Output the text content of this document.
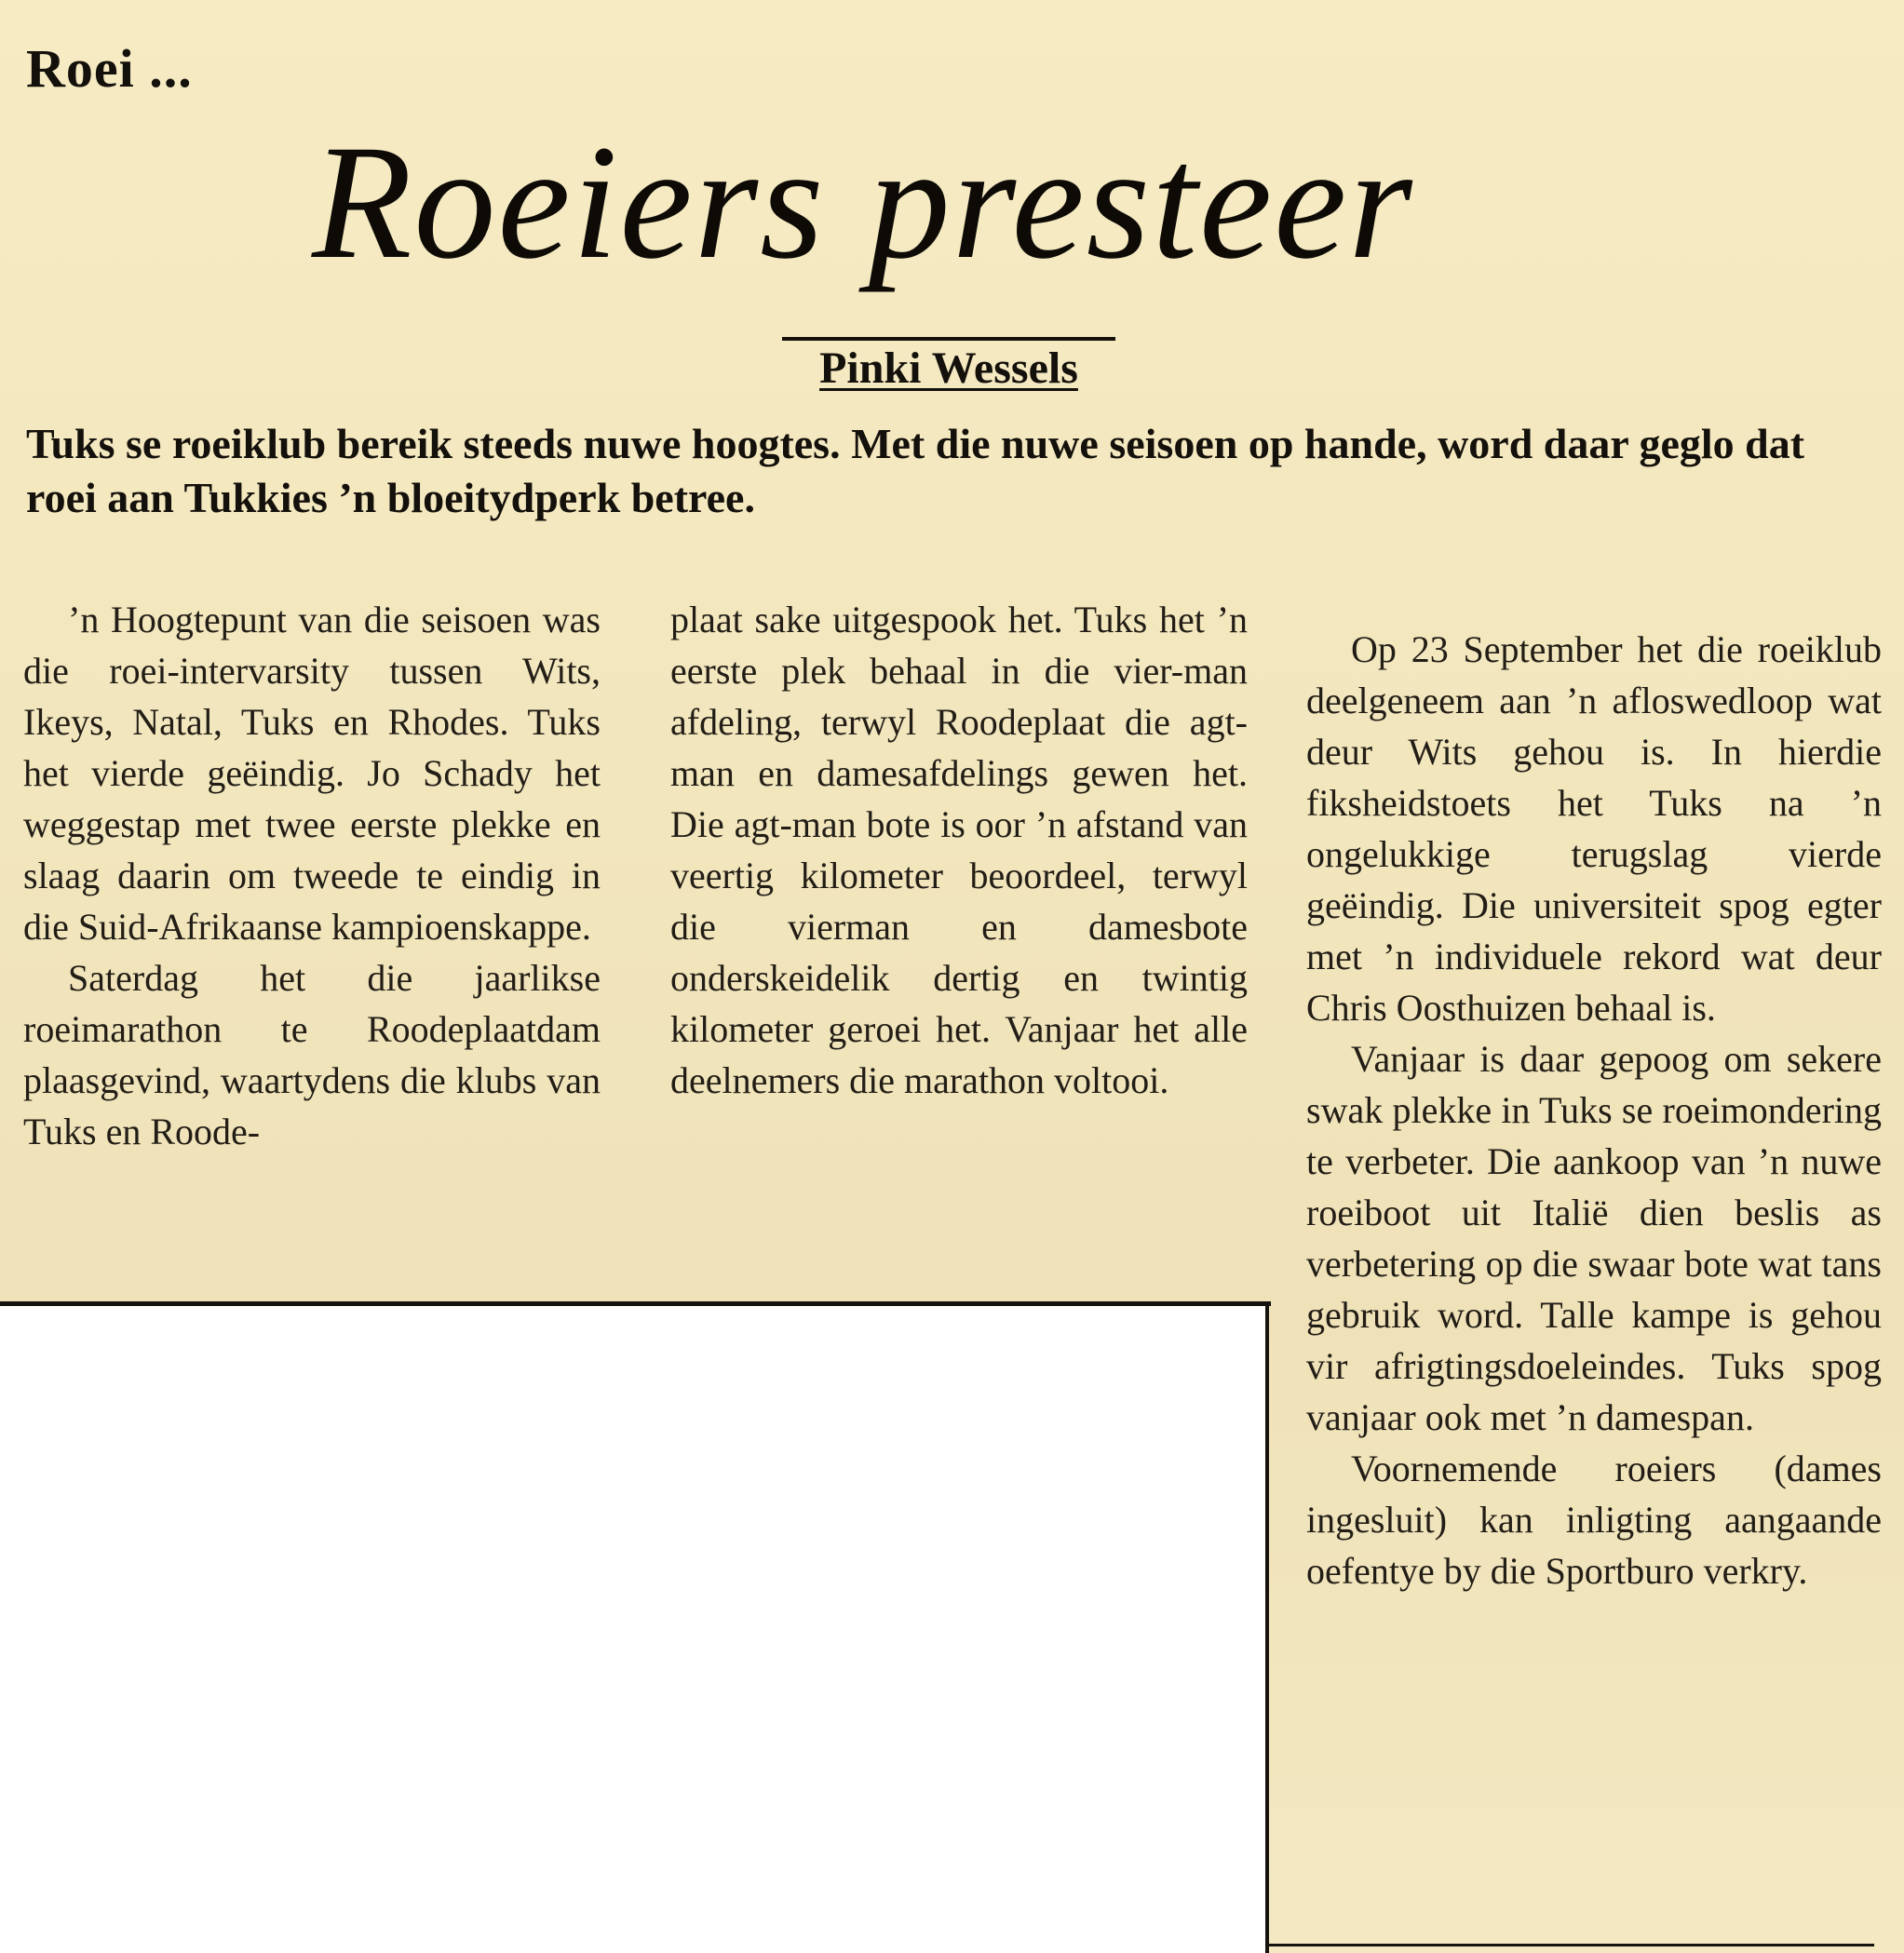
Roei ...
Roeiers presteer
Pinki Wessels
Tuks se roeiklub bereik steeds nuwe hoogtes. Met die nuwe seisoen op hande, word daar geglo dat roei aan Tukkies ’n bloeitydperk betree.

’n Hoogtepunt van die seisoen was die roei-intervarsity tussen Wits, Ikeys, Natal, Tuks en Rhodes. Tuks het vierde geëindig. Jo Schady het weggestap met twee eerste plekke en slaag daarin om tweede te eindig in die Suid-Afrikaanse kampioenskappe.

Saterdag het die jaarlikse roeimarathon te Roodeplaatdam plaasgevind, waartydens die klubs van Tuks en Roode-

plaat sake uitgespook het. Tuks het ’n eerste plek behaal in die vier-man afdeling, terwyl Roodeplaat die agt-man en damesafdelings gewen het. Die agt-man bote is oor ’n afstand van veertig kilometer beoordeel, terwyl die vierman en damesbote onderskeidelik dertig en twintig kilometer geroei het. Vanjaar het alle deelnemers die marathon voltooi.

Op 23 September het die roeiklub deelgeneem aan ’n afloswedloop wat deur Wits gehou is. In hierdie fiksheidstoets het Tuks na ’n ongelukkige terugslag vierde geëindig. Die universiteit spog egter met ’n individuele rekord wat deur Chris Oosthuizen behaal is.

Vanjaar is daar gepoog om sekere swak plekke in Tuks se roeimondering te verbeter. Die aankoop van ’n nuwe roeiboot uit Italië dien beslis as verbetering op die swaar bote wat tans gebruik word. Talle kampe is gehou vir afrigtingsdoeleindes. Tuks spog vanjaar ook met ’n damespan.

Voornemende roeiers (dames ingesluit) kan inligting aangaande oefentye by die Sportburo verkry.
